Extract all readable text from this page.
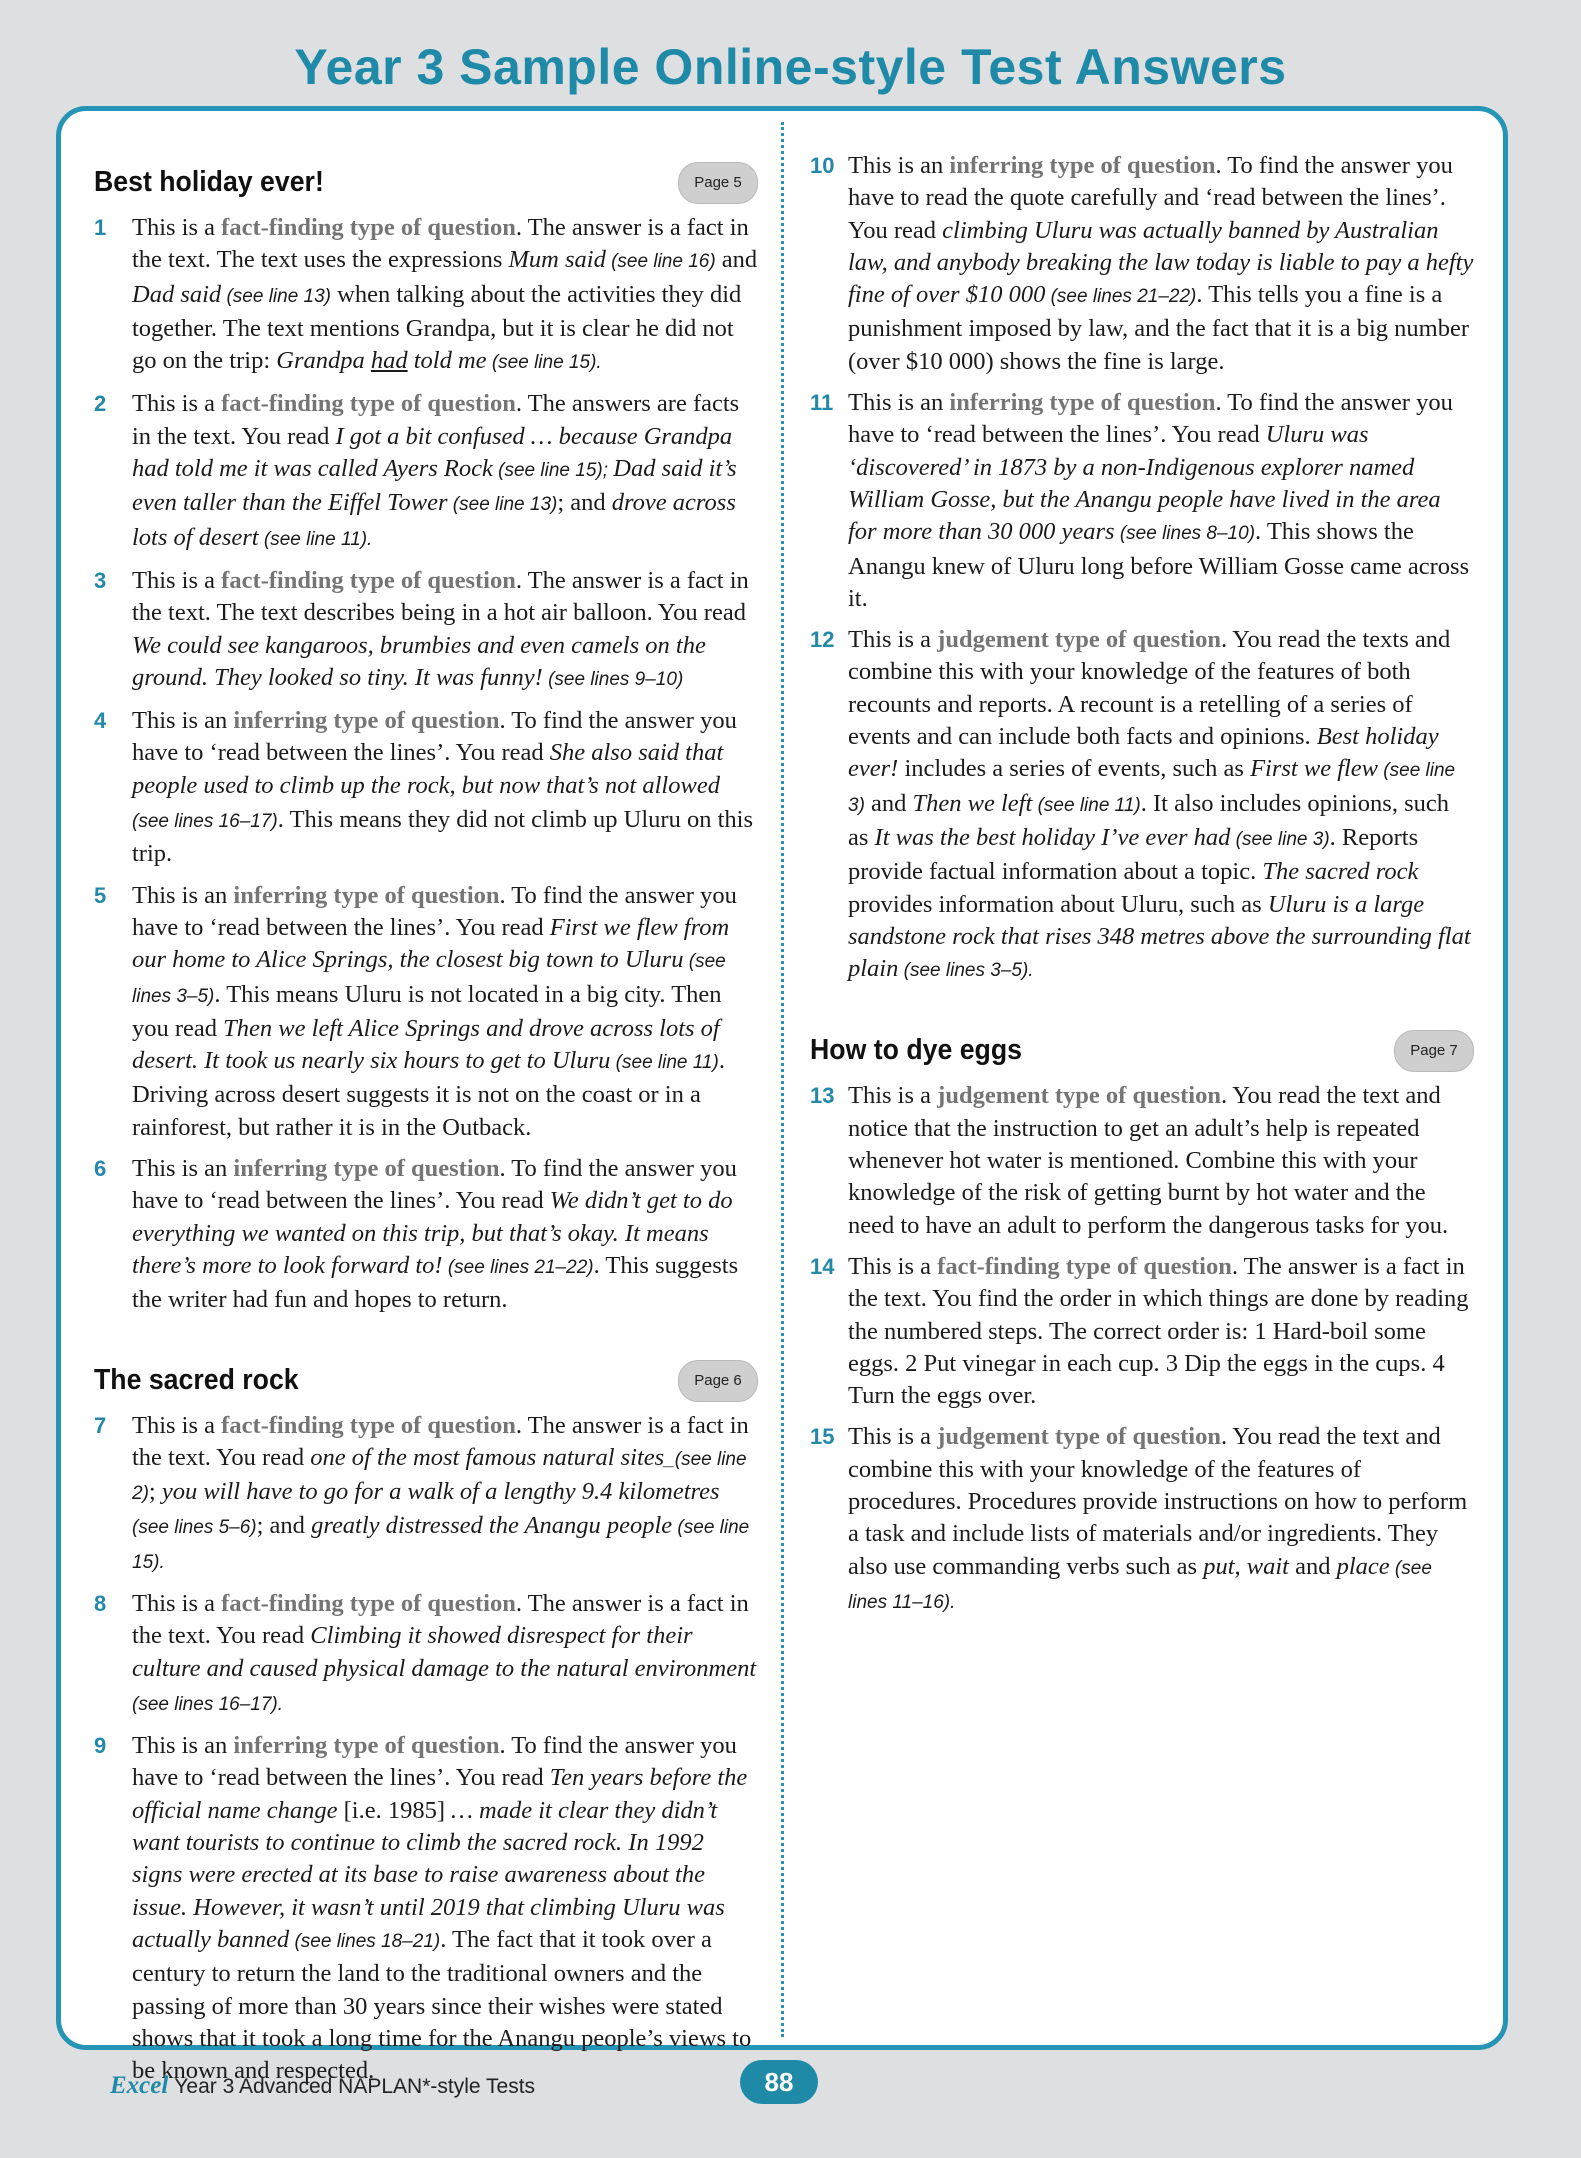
Year 3 Sample Online-style Test Answers
Best holiday ever!	Page 5
1 This is a fact-finding type of question. The answer is a fact in the text. The text uses the expressions Mum said (see line 16) and Dad said (see line 13) when talking about the activities they did together. The text mentions Grandpa, but it is clear he did not go on the trip: Grandpa had told me (see line 15).
2 This is a fact-finding type of question. The answers are facts in the text. You read I got a bit confused … because Grandpa had told me it was called Ayers Rock (see line 15); Dad said it’s even taller than the Eiffel Tower (see line 13); and drove across lots of desert (see line 11).
3 This is a fact-finding type of question. The answer is a fact in the text. The text describes being in a hot air balloon. You read We could see kangaroos, brumbies and even camels on the ground. They looked so tiny. It was funny! (see lines 9–10)
4 This is an inferring type of question. To find the answer you have to ‘read between the lines’. You read She also said that people used to climb up the rock, but now that’s not allowed (see lines 16–17). This means they did not climb up Uluru on this trip.
5 This is an inferring type of question. To find the answer you have to ‘read between the lines’. You read First we flew from our home to Alice Springs, the closest big town to Uluru (see lines 3–5). This means Uluru is not located in a big city. Then you read Then we left Alice Springs and drove across lots of desert. It took us nearly six hours to get to Uluru (see line 11). Driving across desert suggests it is not on the coast or in a rainforest, but rather it is in the Outback.
6 This is an inferring type of question. To find the answer you have to ‘read between the lines’. You read We didn’t get to do everything we wanted on this trip, but that’s okay. It means there’s more to look forward to! (see lines 21–22). This suggests the writer had fun and hopes to return.
The sacred rock	Page 6
7 This is a fact-finding type of question. The answer is a fact in the text. You read one of the most famous natural sites_(see line 2); you will have to go for a walk of a lengthy 9.4 kilometres (see lines 5–6); and greatly distressed the Anangu people (see line 15).
8 This is a fact-finding type of question. The answer is a fact in the text. You read Climbing it showed disrespect for their culture and caused physical damage to the natural environment (see lines 16–17).
9 This is an inferring type of question. To find the answer you have to ‘read between the lines’. You read Ten years before the official name change [i.e. 1985] … made it clear they didn’t want tourists to continue to climb the sacred rock. In 1992 signs were erected at its base to raise awareness about the issue. However, it wasn’t until 2019 that climbing Uluru was actually banned (see lines 18–21). The fact that it took over a century to return the land to the traditional owners and the passing of more than 30 years since their wishes were stated shows that it took a long time for the Anangu people’s views to be known and respected.
10 This is an inferring type of question. To find the answer you have to read the quote carefully and ‘read between the lines’. You read climbing Uluru was actually banned by Australian law, and anybody breaking the law today is liable to pay a hefty fine of over $10 000 (see lines 21–22). This tells you a fine is a punishment imposed by law, and the fact that it is a big number (over $10 000) shows the fine is large.
11 This is an inferring type of question. To find the answer you have to ‘read between the lines’. You read Uluru was ‘discovered’ in 1873 by a non-Indigenous explorer named William Gosse, but the Anangu people have lived in the area for more than 30 000 years (see lines 8–10). This shows the Anangu knew of Uluru long before William Gosse came across it.
12 This is a judgement type of question. You read the texts and combine this with your knowledge of the features of both recounts and reports. A recount is a retelling of a series of events and can include both facts and opinions. Best holiday ever! includes a series of events, such as First we flew (see line 3) and Then we left (see line 11). It also includes opinions, such as It was the best holiday I’ve ever had (see line 3). Reports provide factual information about a topic. The sacred rock provides information about Uluru, such as Uluru is a large sandstone rock that rises 348 metres above the surrounding flat plain (see lines 3–5).
How to dye eggs	Page 7
13 This is a judgement type of question. You read the text and notice that the instruction to get an adult’s help is repeated whenever hot water is mentioned. Combine this with your knowledge of the risk of getting burnt by hot water and the need to have an adult to perform the dangerous tasks for you.
14 This is a fact-finding type of question. The answer is a fact in the text. You find the order in which things are done by reading the numbered steps. The correct order is: 1 Hard-boil some eggs. 2 Put vinegar in each cup. 3 Dip the eggs in the cups. 4 Turn the eggs over.
15 This is a judgement type of question. You read the text and combine this with your knowledge of the features of procedures. Procedures provide instructions on how to perform a task and include lists of materials and/or ingredients. They also use commanding verbs such as put, wait and place (see lines 11–16).
Excel Year 3 Advanced NAPLAN*-style Tests	88
